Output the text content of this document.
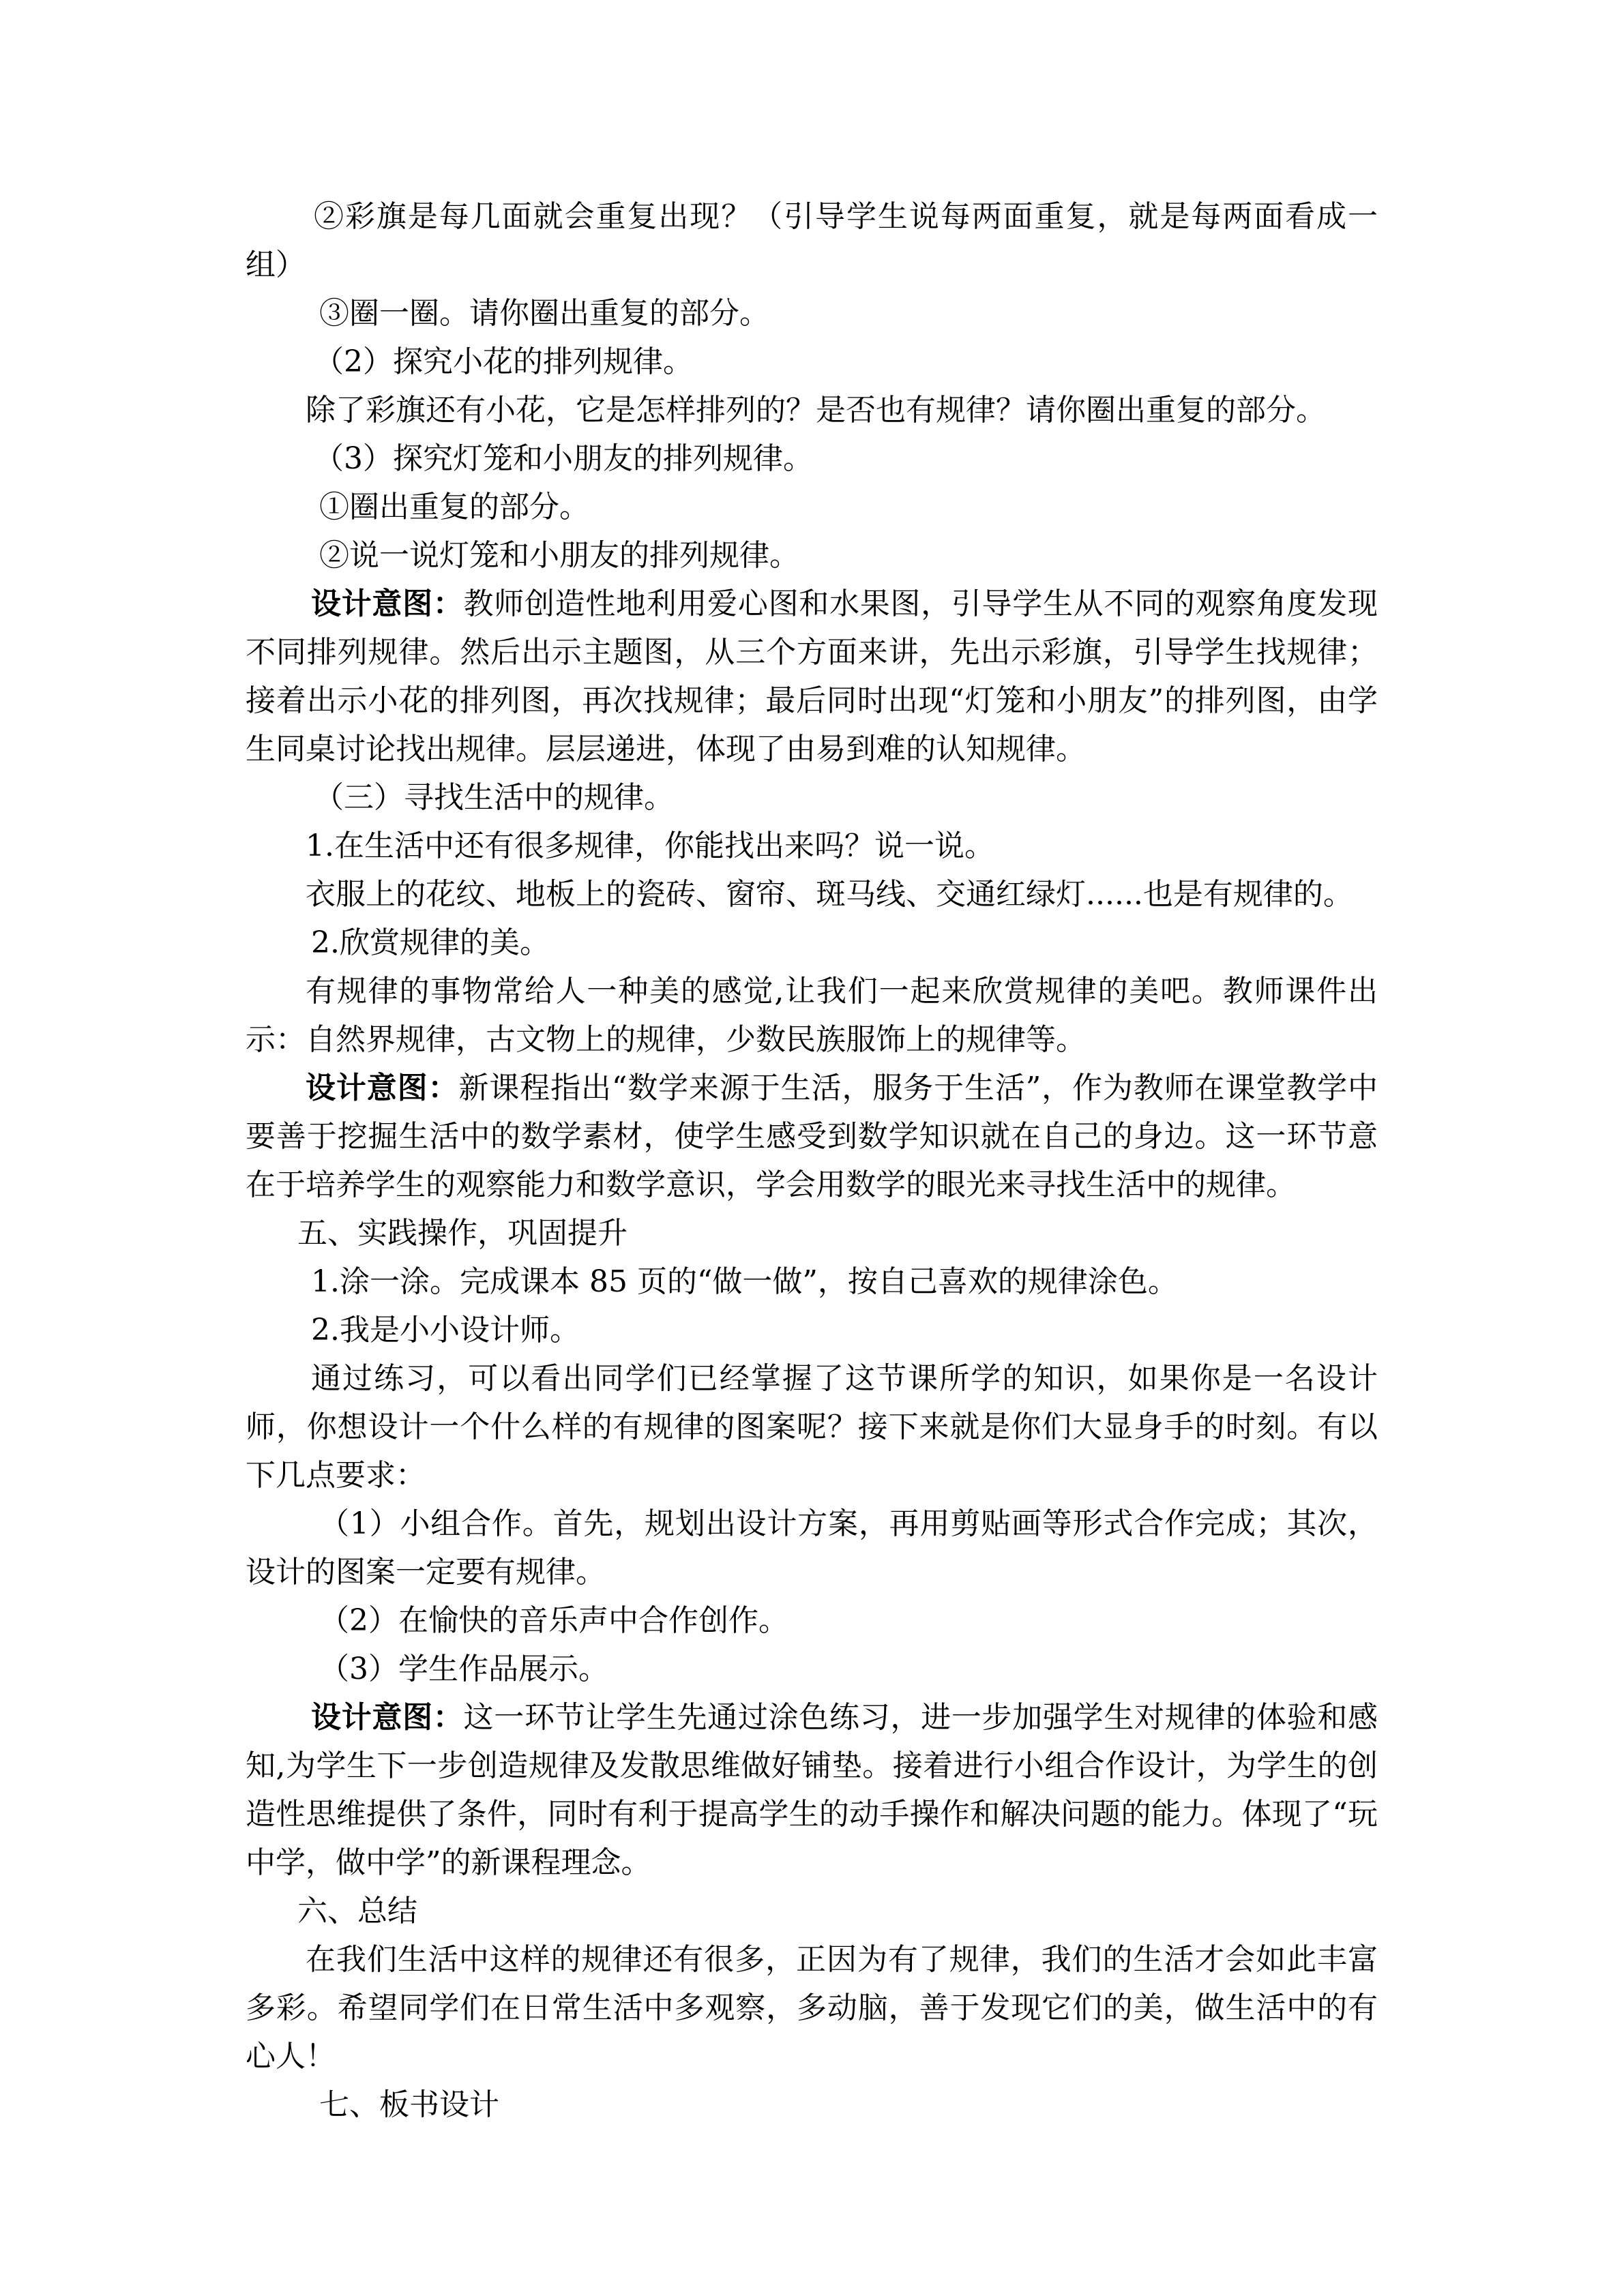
②彩旗是每几面就会重复出现？（引导学生说每两面重复，就是每两面看成一组）

③圈一圈。请你圈出重复的部分。

（2）探究小花的排列规律。

除了彩旗还有小花，它是怎样排列的？是否也有规律？请你圈出重复的部分。

（3）探究灯笼和小朋友的排列规律。

①圈出重复的部分。

②说一说灯笼和小朋友的排列规律。

设计意图：教师创造性地利用爱心图和水果图，引导学生从不同的观察角度发现不同排列规律。然后出示主题图，从三个方面来讲，先出示彩旗，引导学生找规律；接着出示小花的排列图，再次找规律；最后同时出现“灯笼和小朋友”的排列图，由学生同桌讨论找出规律。层层递进，体现了由易到难的认知规律。

（三）寻找生活中的规律。

1.在生活中还有很多规律，你能找出来吗？说一说。

衣服上的花纹、地板上的瓷砖、窗帘、斑马线、交通红绿灯......也是有规律的。

2.欣赏规律的美。

有规律的事物常给人一种美的感觉,让我们一起来欣赏规律的美吧。教师课件出示：自然界规律，古文物上的规律，少数民族服饰上的规律等。

设计意图：新课程指出“数学来源于生活，服务于生活”，作为教师在课堂教学中要善于挖掘生活中的数学素材，使学生感受到数学知识就在自己的身边。这一环节意在于培养学生的观察能力和数学意识，学会用数学的眼光来寻找生活中的规律。

五、实践操作，巩固提升

1.涂一涂。完成课本 85 页的“做一做”，按自己喜欢的规律涂色。

2.我是小小设计师。

通过练习，可以看出同学们已经掌握了这节课所学的知识，如果你是一名设计师，你想设计一个什么样的有规律的图案呢？接下来就是你们大显身手的时刻。有以下几点要求：

（1）小组合作。首先，规划出设计方案，再用剪贴画等形式合作完成；其次，设计的图案一定要有规律。

（2）在愉快的音乐声中合作创作。

（3）学生作品展示。

设计意图：这一环节让学生先通过涂色练习，进一步加强学生对规律的体验和感知,为学生下一步创造规律及发散思维做好铺垫。接着进行小组合作设计，为学生的创造性思维提供了条件，同时有利于提高学生的动手操作和解决问题的能力。体现了“玩中学，做中学”的新课程理念。

六、总结

在我们生活中这样的规律还有很多，正因为有了规律，我们的生活才会如此丰富多彩。希望同学们在日常生活中多观察，多动脑，善于发现它们的美，做生活中的有心人！

七、板书设计
